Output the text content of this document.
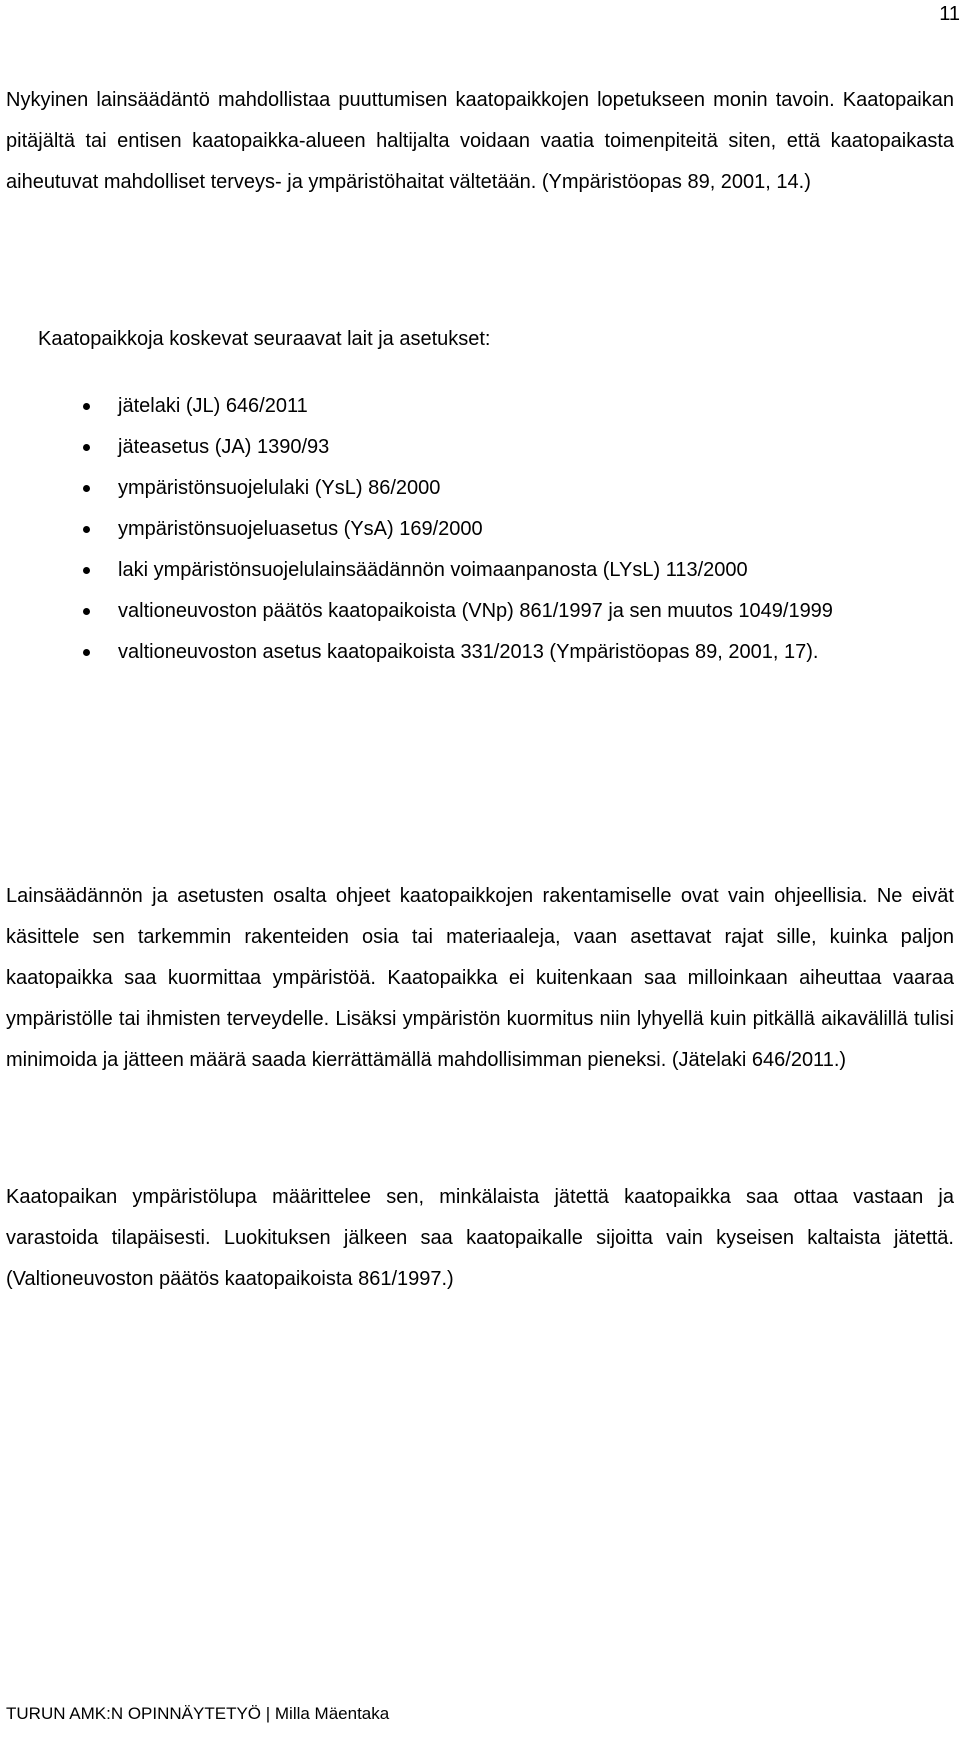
11

Nykyinen lainsäädäntö mahdollistaa puuttumisen kaatopaikkojen lopetukseen monin tavoin. Kaatopaikan pitäjältä tai entisen kaatopaikka-alueen haltijalta voidaan vaatia toimenpiteitä siten, että kaatopaikasta aiheutuvat mahdolliset terveys- ja ympäristöhaitat vältetään. (Ympäristöopas 89, 2001, 14.)

Kaatopaikkoja koskevat seuraavat lait ja asetukset:

jätelaki (JL) 646/2011
jäteasetus (JA) 1390/93
ympäristönsuojelulaki (YsL) 86/2000
ympäristönsuojeluasetus (YsA) 169/2000
laki ympäristönsuojelulainsäädännön voimaanpanosta (LYsL) 113/2000
valtioneuvoston päätös kaatopaikoista (VNp) 861/1997 ja sen muutos 1049/1999
valtioneuvoston asetus kaatopaikoista 331/2013 (Ympäristöopas 89, 2001, 17).

Lainsäädännön ja asetusten osalta ohjeet kaatopaikkojen rakentamiselle ovat vain ohjeellisia. Ne eivät käsittele sen tarkemmin rakenteiden osia tai materiaaleja, vaan asettavat rajat sille, kuinka paljon kaatopaikka saa kuormittaa ympäristöä. Kaatopaikka ei kuitenkaan saa milloinkaan aiheuttaa vaaraa ympäristölle tai ihmisten terveydelle. Lisäksi ympäristön kuormitus niin lyhyellä kuin pitkällä aikavälillä tulisi minimoida ja jätteen määrä saada kierrättämällä mahdollisimman pieneksi. (Jätelaki 646/2011.)

Kaatopaikan ympäristölupa määrittelee sen, minkälaista jätettä kaatopaikka saa ottaa vastaan ja varastoida tilapäisesti. Luokituksen jälkeen saa kaatopaikalle sijoitta vain kyseisen kaltaista jätettä. (Valtioneuvoston päätös kaatopaikoista 861/1997.)

TURUN AMK:N OPINNÄYTETYÖ | Milla Mäentaka
